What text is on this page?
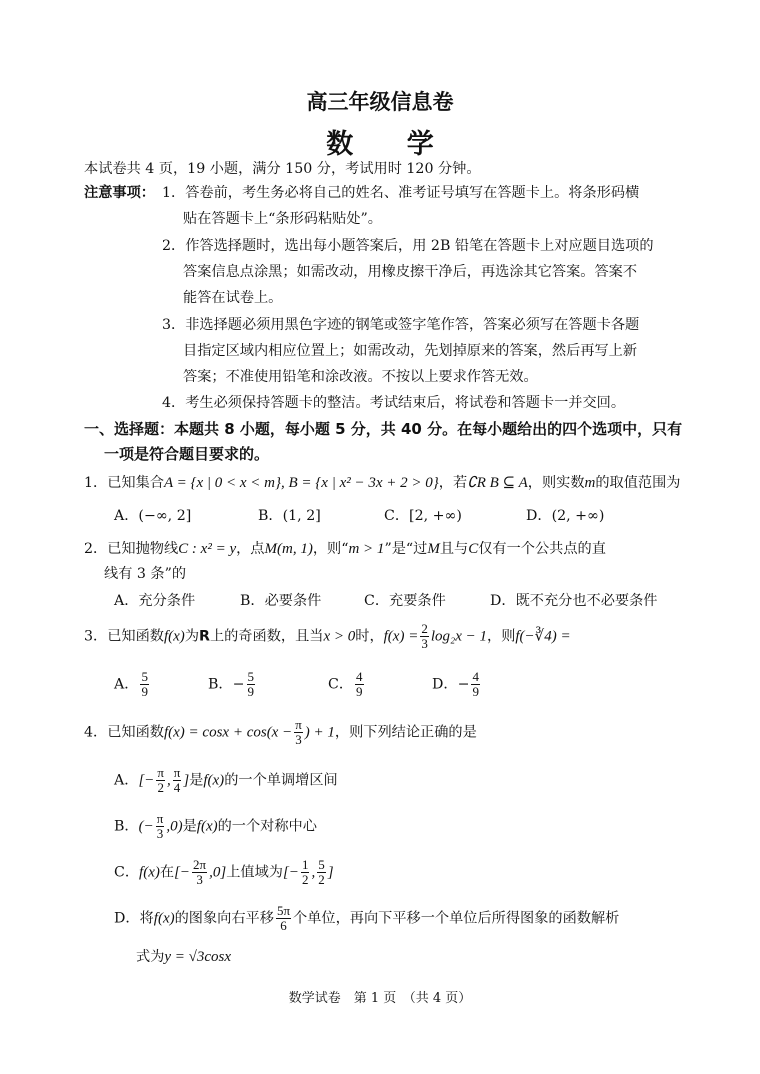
高三年级信息卷
数 学
本试卷共 4 页，19 小题，满分 150 分，考试用时 120 分钟。
注意事项： 1．答卷前，考生务必将自己的姓名、准考证号填写在答题卡上。将条形码横
贴在答题卡上“条形码粘贴处”。
2．作答选择题时，选出每小题答案后，用 2B 铅笔在答题卡上对应题目选项的
答案信息点涂黑；如需改动，用橡皮擦干净后，再选涂其它答案。答案不
能答在试卷上。
3．非选择题必须用黑色字迹的钢笔或签字笔作答，答案必须写在答题卡各题
目指定区域内相应位置上；如需改动，先划掉原来的答案，然后再写上新
答案；不准使用铅笔和涂改液。不按以上要求作答无效。
4．考生必须保持答题卡的整洁。考试结束后，将试卷和答题卡一并交回。
一、选择题：本题共 8 小题，每小题 5 分，共 40 分。在每小题给出的四个选项中，只有
一项是符合题目要求的。
1．已知集合A = {x | 0 < x < m}, B = {x | x² − 3x + 2 > 0}，若∁R B ⊆ A，则实数m的取值范围为
A．(−∞, 2]	B．(1, 2]	C．[2, +∞)	D．(2, +∞)
2．已知抛物线C : x² = y，点M(m, 1)，则“m > 1”是“过M且与C仅有一个公共点的直
线有 3 条”的
A．充分条件	B．必要条件	C．充要条件	D．既不充分也不必要条件
3．已知函数f(x)为R上的奇函数，且当x > 0时，$f(x) = \frac{2}{3} \log_2x - 1$，则f(−∛4) =
A． $\frac{5}{9}$	B．− $\frac{5}{9}$	C． $\frac{4}{9}$	D．− $\frac{4}{9}$
4．已知函数$f(x) = \cos x + \cos(x - \frac{\pi}{3}$ ) + 1，则下列结论正确的是
A．[− $\frac{\pi}{2}$ , $\frac{\pi}{4}$ ]是f(x)的一个单调增区间
B．(− $\frac{\pi}{3} ,0$)是f(x)的一个对称中心
C．f(x)在[− $\frac{2\pi}{3} ,0$]上值域为[− $\frac{1}{2}$ , $\frac{5}{2}$ ]
D．将f(x)的图象向右平移 $\frac{5\pi}{6}$ 个单位，再向下平移一个单位后所得图象的函数解析
式为y = √3cosx
数学试卷　第 1 页　（共 4 页）
